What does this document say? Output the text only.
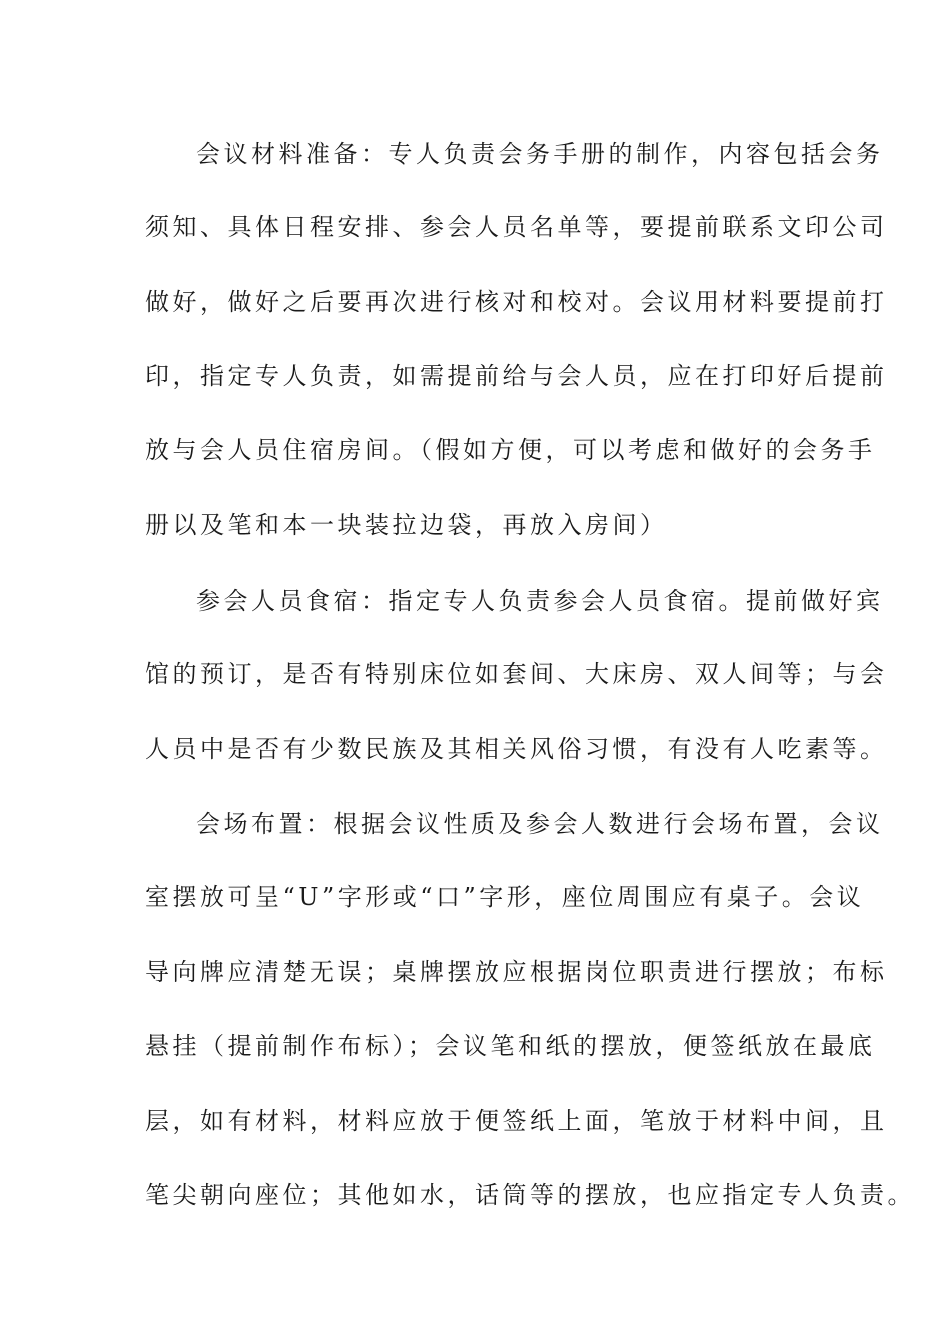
会议材料准备：专人负责会务手册的制作，内容包括会务
须知、具体日程安排、参会人员名单等，要提前联系文印公司
做好，做好之后要再次进行核对和校对。会议用材料要提前打
印，指定专人负责，如需提前给与会人员，应在打印好后提前
放与会人员住宿房间。（假如方便，可以考虑和做好的会务手
册以及笔和本一块装拉边袋，再放入房间）
参会人员食宿：指定专人负责参会人员食宿。提前做好宾
馆的预订，是否有特别床位如套间、大床房、双人间等；与会
人员中是否有少数民族及其相关风俗习惯，有没有人吃素等。
会场布置：根据会议性质及参会人数进行会场布置，会议
室摆放可呈“U”字形或“口”字形，座位周围应有桌子。会议
导向牌应清楚无误；桌牌摆放应根据岗位职责进行摆放；布标
悬挂（提前制作布标）；会议笔和纸的摆放，便签纸放在最底
层，如有材料，材料应放于便签纸上面，笔放于材料中间，且
笔尖朝向座位；其他如水，话筒等的摆放，也应指定专人负责。
